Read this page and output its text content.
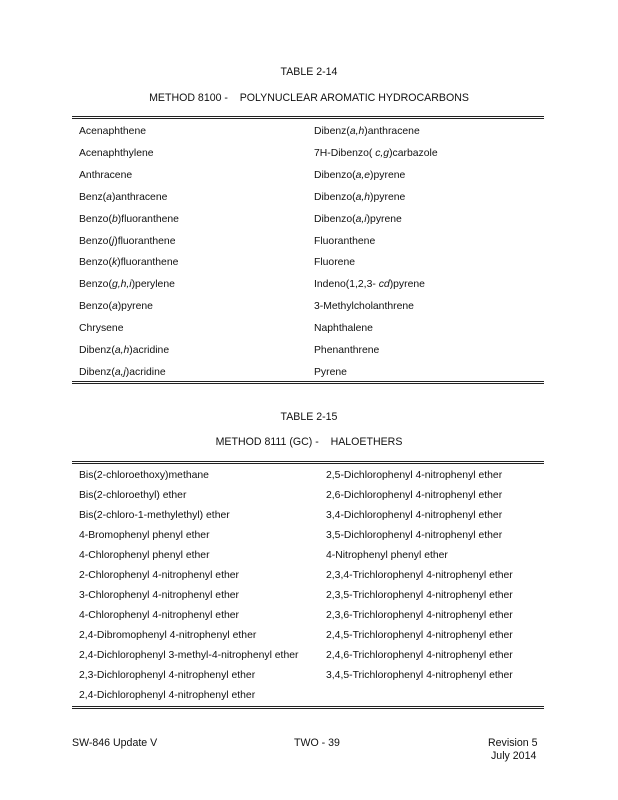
TABLE 2-14
METHOD 8100 -    POLYNUCLEAR AROMATIC HYDROCARBONS
Acenaphthene	Dibenz(a,h)anthracene
Acenaphthylene	7H-Dibenzo( c,g)carbazole
Anthracene	Dibenzo(a,e)pyrene
Benz(a)anthracene	Dibenzo(a,h)pyrene
Benzo(b)fluoranthene	Dibenzo(a,i)pyrene
Benzo(j)fluoranthene	Fluoranthene
Benzo(k)fluoranthene	Fluorene
Benzo(g,h,i)perylene	Indeno(1,2,3- cd)pyrene
Benzo(a)pyrene	3-Methylcholanthrene
Chrysene	Naphthalene
Dibenz(a,h)acridine	Phenanthrene
Dibenz(a,j)acridine	Pyrene
TABLE 2-15
METHOD 8111 (GC) -    HALOETHERS
Bis(2-chloroethoxy)methane	2,5-Dichlorophenyl 4-nitrophenyl ether
Bis(2-chloroethyl) ether	2,6-Dichlorophenyl 4-nitrophenyl ether
Bis(2-chloro-1-methylethyl) ether	3,4-Dichlorophenyl 4-nitrophenyl ether
4-Bromophenyl phenyl ether	3,5-Dichlorophenyl 4-nitrophenyl ether
4-Chlorophenyl phenyl ether	4-Nitrophenyl phenyl ether
2-Chlorophenyl 4-nitrophenyl ether	2,3,4-Trichlorophenyl 4-nitrophenyl ether
3-Chlorophenyl 4-nitrophenyl ether	2,3,5-Trichlorophenyl 4-nitrophenyl ether
4-Chlorophenyl 4-nitrophenyl ether	2,3,6-Trichlorophenyl 4-nitrophenyl ether
2,4-Dibromophenyl 4-nitrophenyl ether	2,4,5-Trichlorophenyl 4-nitrophenyl ether
2,4-Dichlorophenyl 3-methyl-4-nitrophenyl ether	2,4,6-Trichlorophenyl 4-nitrophenyl ether
2,3-Dichlorophenyl 4-nitrophenyl ether	3,4,5-Trichlorophenyl 4-nitrophenyl ether
2,4-Dichlorophenyl 4-nitrophenyl ether
SW-846 Update V	TWO - 39	Revision 5
July 2014
